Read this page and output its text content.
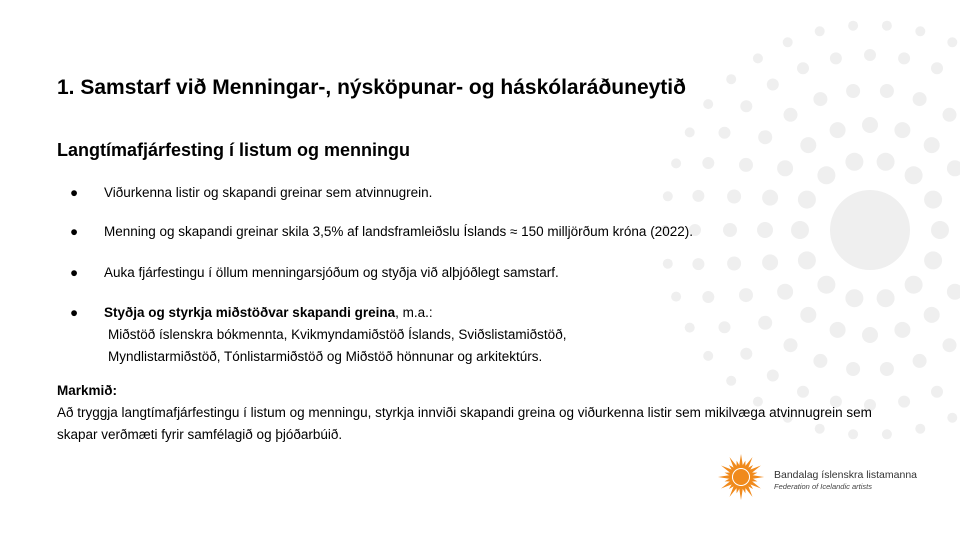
1. Samstarf við Menningar-, nýsköpunar- og háskólaráðuneytið
Langtímafjárfesting í listum og menningu
●	Viðurkenna listir og skapandi greinar sem atvinnugrein.
●	Menning og skapandi greinar skila 3,5% af landsframleiðslu Íslands ≈ 150 milljörðum króna (2022).
●	Auka fjárfestingu í öllum menningarsjóðum og styðja við alþjóðlegt samstarf.
●	Styðja og styrkja miðstöðvar skapandi greina, m.a.:
Miðstöð íslenskra bókmennta, Kvikmyndamiðstöð Íslands, Sviðslistamiðstöð,
Myndlistarmiðstöð, Tónlistarmiðstöð og Miðstöð hönnunar og arkitektúrs.
Markmið:
Að tryggja langtímafjárfestingu í listum og menningu, styrkja innviði skapandi greina og viðurkenna listir sem mikilvæga atvinnugrein sem skapar verðmæti fyrir samfélagið og þjóðarbúið.
Bandalag íslenskra listamanna
Federation of Icelandic artists
